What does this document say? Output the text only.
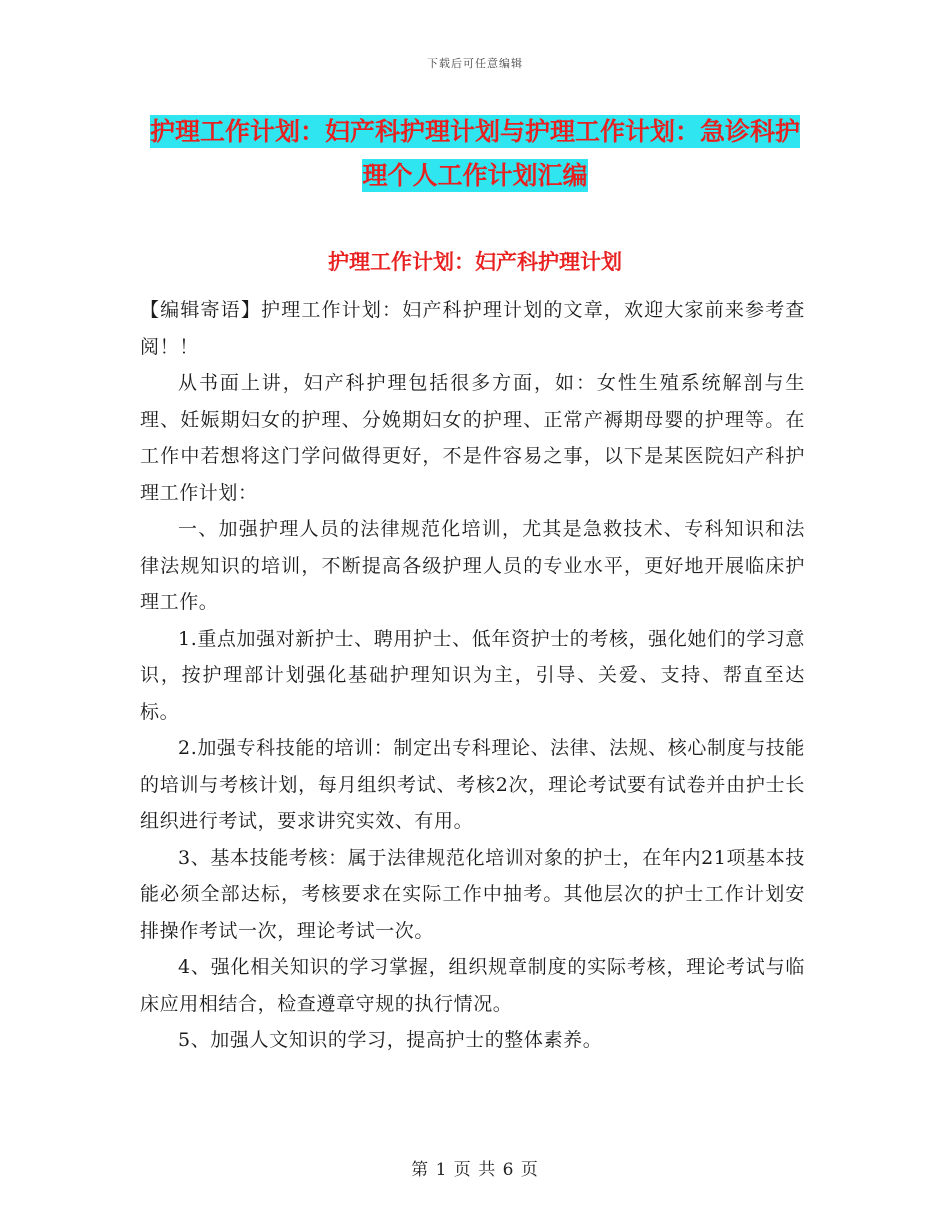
下载后可任意编辑
护理工作计划：妇产科护理计划与护理工作计划：急诊科护理个人工作计划汇编
护理工作计划：妇产科护理计划

【编辑寄语】护理工作计划：妇产科护理计划的文章，欢迎大家前来参考查阅！！

从书面上讲，妇产科护理包括很多方面，如：女性生殖系统解剖与生理、妊娠期妇女的护理、分娩期妇女的护理、正常产褥期母婴的护理等。在工作中若想将这门学问做得更好，不是件容易之事，以下是某医院妇产科护理工作计划：

一、加强护理人员的法律规范化培训，尤其是急救技术、专科知识和法律法规知识的培训，不断提高各级护理人员的专业水平，更好地开展临床护理工作。

1.重点加强对新护士、聘用护士、低年资护士的考核，强化她们的学习意识，按护理部计划强化基础护理知识为主，引导、关爱、支持、帮直至达标。

2.加强专科技能的培训：制定出专科理论、法律、法规、核心制度与技能的培训与考核计划，每月组织考试、考核2次，理论考试要有试卷并由护士长组织进行考试，要求讲究实效、有用。

3、基本技能考核：属于法律规范化培训对象的护士，在年内21项基本技能必须全部达标，考核要求在实际工作中抽考。其他层次的护士工作计划安排操作考试一次，理论考试一次。

4、强化相关知识的学习掌握，组织规章制度的实际考核，理论考试与临床应用相结合，检查遵章守规的执行情况。

5、加强人文知识的学习，提高护士的整体素养。

第 1 页 共 6 页
